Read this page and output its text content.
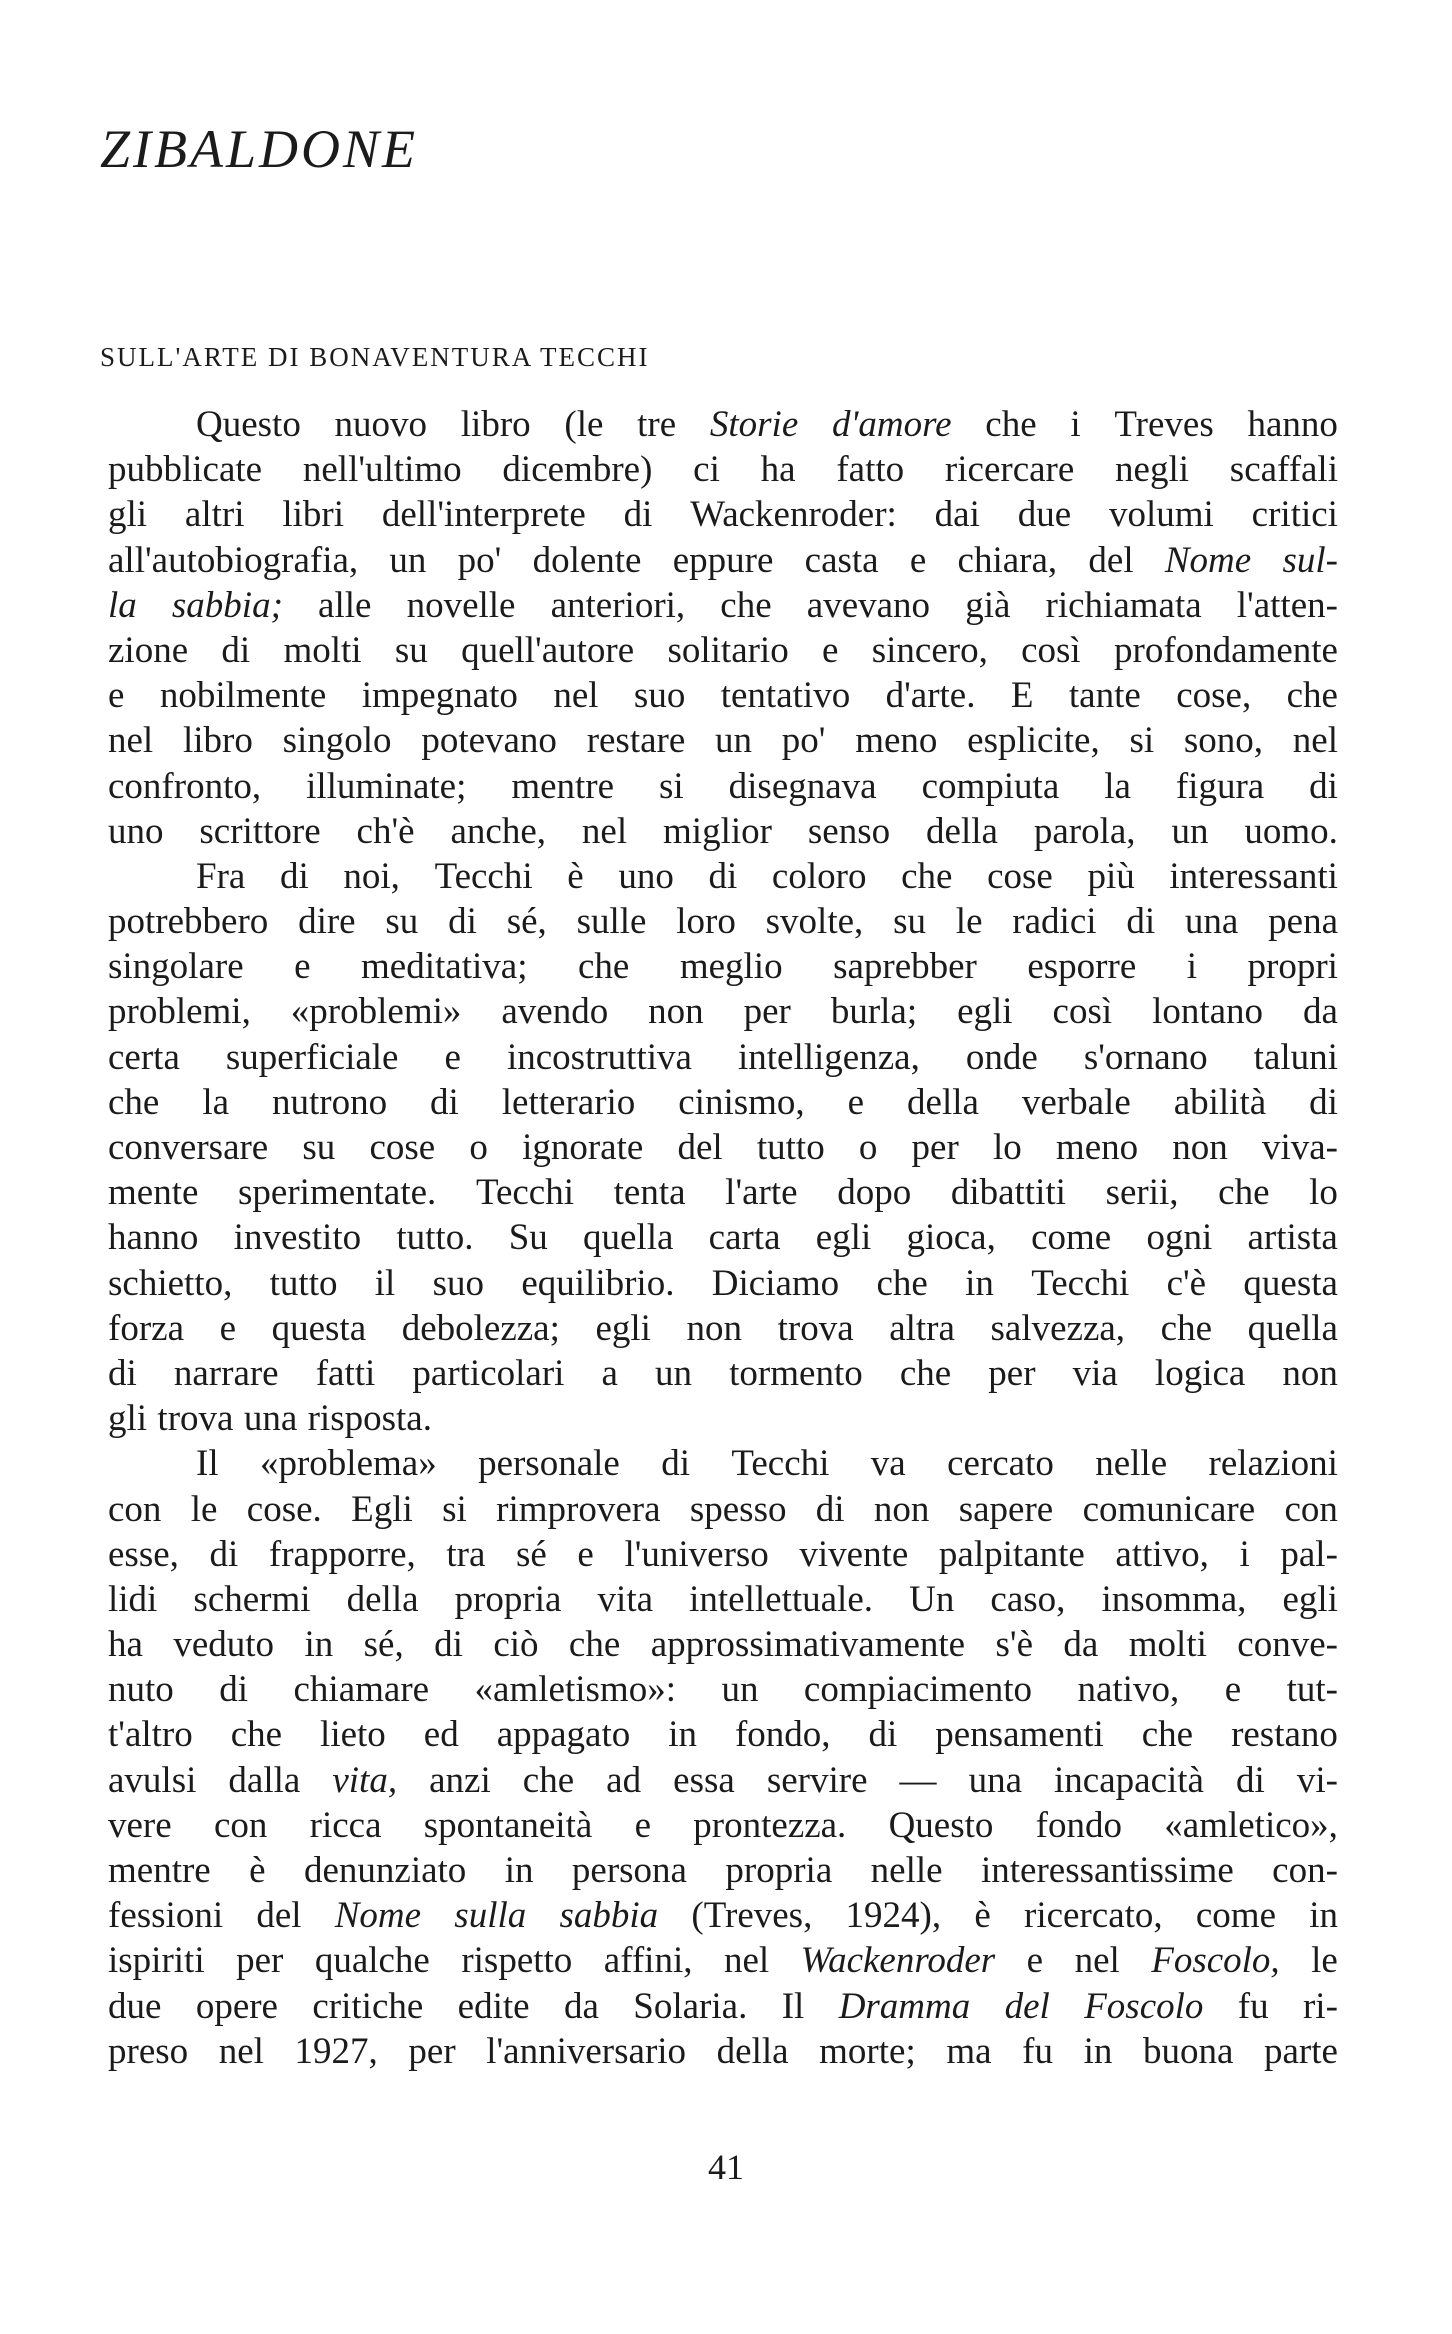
ZIBALDONE
SULL'ARTE DI BONAVENTURA TECCHI
Questo nuovo libro (le tre Storie d'amore che i Treves hanno
pubblicate nell'ultimo dicembre) ci ha fatto ricercare negli scaffali
gli altri libri dell'interprete di Wackenroder: dai due volumi critici
all'autobiografia, un po' dolente eppure casta e chiara, del Nome sul-
la sabbia; alle novelle anteriori, che avevano già richiamata l'atten-
zione di molti su quell'autore solitario e sincero, così profondamente
e nobilmente impegnato nel suo tentativo d'arte. E tante cose, che
nel libro singolo potevano restare un po' meno esplicite, si sono, nel
confronto, illuminate; mentre si disegnava compiuta la figura di
uno scrittore ch'è anche, nel miglior senso della parola, un uomo.
Fra di noi, Tecchi è uno di coloro che cose più interessanti
potrebbero dire su di sé, sulle loro svolte, su le radici di una pena
singolare e meditativa; che meglio saprebber esporre i propri
problemi, «problemi» avendo non per burla; egli così lontano da
certa superficiale e incostruttiva intelligenza, onde s'ornano taluni
che la nutrono di letterario cinismo, e della verbale abilità di
conversare su cose o ignorate del tutto o per lo meno non viva-
mente sperimentate. Tecchi tenta l'arte dopo dibattiti serii, che lo
hanno investito tutto. Su quella carta egli gioca, come ogni artista
schietto, tutto il suo equilibrio. Diciamo che in Tecchi c'è questa
forza e questa debolezza; egli non trova altra salvezza, che quella
di narrare fatti particolari a un tormento che per via logica non
gli trova una risposta.
Il «problema» personale di Tecchi va cercato nelle relazioni
con le cose. Egli si rimprovera spesso di non sapere comunicare con
esse, di frapporre, tra sé e l'universo vivente palpitante attivo, i pal-
lidi schermi della propria vita intellettuale. Un caso, insomma, egli
ha veduto in sé, di ciò che approssimativamente s'è da molti conve-
nuto di chiamare «amletismo»: un compiacimento nativo, e tut-
t'altro che lieto ed appagato in fondo, di pensamenti che restano
avulsi dalla vita, anzi che ad essa servire — una incapacità di vi-
vere con ricca spontaneità e prontezza. Questo fondo «amletico»,
mentre è denunziato in persona propria nelle interessantissime con-
fessioni del Nome sulla sabbia (Treves, 1924), è ricercato, come in
ispiriti per qualche rispetto affini, nel Wackenroder e nel Foscolo, le
due opere critiche edite da Solaria. Il Dramma del Foscolo fu ri-
preso nel 1927, per l'anniversario della morte; ma fu in buona parte

41
